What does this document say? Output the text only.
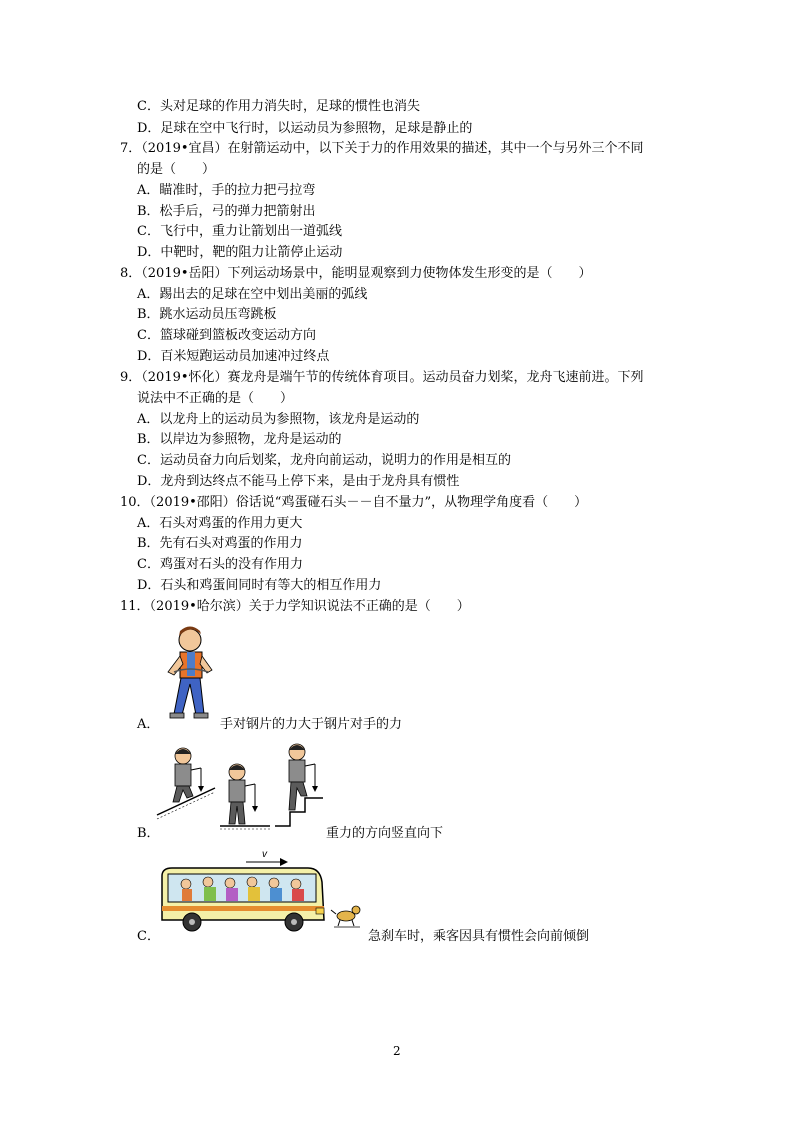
C．头对足球的作用力消失时，足球的惯性也消失
D．足球在空中飞行时，以运动员为参照物，足球是静止的
7．（2019•宜昌）在射箭运动中，以下关于力的作用效果的描述，其中一个与另外三个不同
的是（　　）
A．瞄准时，手的拉力把弓拉弯
B．松手后，弓的弹力把箭射出
C．飞行中，重力让箭划出一道弧线
D．中靶时，靶的阻力让箭停止运动
8．（2019•岳阳）下列运动场景中，能明显观察到力使物体发生形变的是（　　）
A．踢出去的足球在空中划出美丽的弧线
B．跳水运动员压弯跳板
C．篮球碰到篮板改变运动方向
D．百米短跑运动员加速冲过终点
9．（2019•怀化）赛龙舟是端午节的传统体育项目。运动员奋力划桨，龙舟飞速前进。下列
说法中不正确的是（　　）
A．以龙舟上的运动员为参照物，该龙舟是运动的
B．以岸边为参照物，龙舟是运动的
C．运动员奋力向后划桨，龙舟向前运动，说明力的作用是相互的
D．龙舟到达终点不能马上停下来，是由于龙舟具有惯性
10．（2019•邵阳）俗话说“鸡蛋碰石头－－自不量力”，从物理学角度看（　　）
A．石头对鸡蛋的作用力更大
B．先有石头对鸡蛋的作用力
C．鸡蛋对石头的没有作用力
D．石头和鸡蛋间同时有等大的相互作用力
11．（2019•哈尔滨）关于力学知识说法不正确的是（　　）
A．	手对钢片的力大于钢片对手的力
B．	重力的方向竖直向下
v
C．	急刹车时，乘客因具有惯性会向前倾倒
2
